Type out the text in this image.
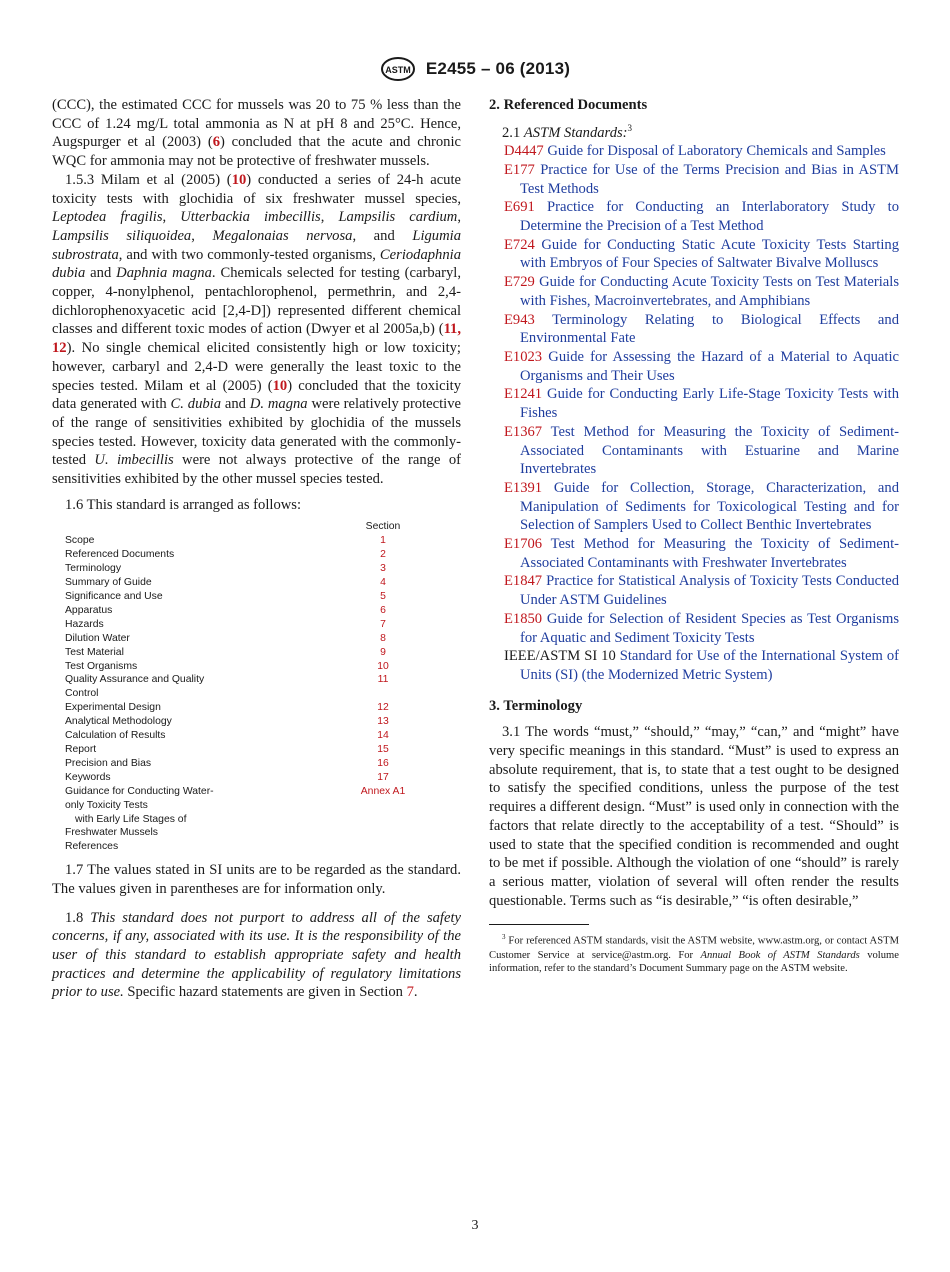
ASTM E2455 – 06 (2013)

(CCC), the estimated CCC for mussels was 20 to 75 % less than the CCC of 1.24 mg/L total ammonia as N at pH 8 and 25°C. Hence, Augspurger et al (2003) (6) concluded that the acute and chronic WQC for ammonia may not be protective of freshwater mussels.

1.5.3 Milam et al (2005) (10) conducted a series of 24-h acute toxicity tests with glochidia of six freshwater mussel species, Leptodea fragilis, Utterbackia imbecillis, Lampsilis cardium, Lampsilis siliquoidea, Megalonaias nervosa, and Ligumia subrostrata, and with two commonly-tested organisms, Ceriodaphnia dubia and Daphnia magna. Chemicals selected for testing (carbaryl, copper, 4-nonylphenol, pentachlorophenol, permethrin, and 2,4-dichlorophenoxyacetic acid [2,4-D]) represented different chemical classes and different toxic modes of action (Dwyer et al 2005a,b) (11, 12). No single chemical elicited consistently high or low toxicity; however, carbaryl and 2,4-D were generally the least toxic to the species tested. Milam et al (2005) (10) concluded that the toxicity data generated with C. dubia and D. magna were relatively protective of the range of sensitivities exhibited by glochidia of the mussels species tested. However, toxicity data generated with the commonly-tested U. imbecillis were not always protective of the range of sensitivities exhibited by the other mussel species tested.

1.6 This standard is arranged as follows:

Section
Scope	1
Referenced Documents	2
Terminology	3
Summary of Guide	4
Significance and Use	5
Apparatus	6
Hazards	7
Dilution Water	8
Test Material	9
Test Organisms	10
Quality Assurance and Quality	11
Control
Experimental Design	12
Analytical Methodology	13
Calculation of Results	14
Report	15
Precision and Bias	16
Keywords	17
Guidance for Conducting Water-	Annex A1
only Toxicity Tests
with Early Life Stages of
Freshwater Mussels
References

1.7 The values stated in SI units are to be regarded as the standard. The values given in parentheses are for information only.

1.8 This standard does not purport to address all of the safety concerns, if any, associated with its use. It is the responsibility of the user of this standard to establish appropriate safety and health practices and determine the applicability of regulatory limitations prior to use. Specific hazard statements are given in Section 7.

2. Referenced Documents

2.1 ASTM Standards:$^3$

D4447 Guide for Disposal of Laboratory Chemicals and Samples

E177 Practice for Use of the Terms Precision and Bias in ASTM Test Methods

E691 Practice for Conducting an Interlaboratory Study to Determine the Precision of a Test Method

E724 Guide for Conducting Static Acute Toxicity Tests Starting with Embryos of Four Species of Saltwater Bivalve Molluscs

E729 Guide for Conducting Acute Toxicity Tests on Test Materials with Fishes, Macroinvertebrates, and Amphibians

E943 Terminology Relating to Biological Effects and Environmental Fate

E1023 Guide for Assessing the Hazard of a Material to Aquatic Organisms and Their Uses

E1241 Guide for Conducting Early Life-Stage Toxicity Tests with Fishes

E1367 Test Method for Measuring the Toxicity of Sediment-Associated Contaminants with Estuarine and Marine Invertebrates

E1391 Guide for Collection, Storage, Characterization, and Manipulation of Sediments for Toxicological Testing and for Selection of Samplers Used to Collect Benthic Invertebrates

E1706 Test Method for Measuring the Toxicity of Sediment-Associated Contaminants with Freshwater Invertebrates

E1847 Practice for Statistical Analysis of Toxicity Tests Conducted Under ASTM Guidelines

E1850 Guide for Selection of Resident Species as Test Organisms for Aquatic and Sediment Toxicity Tests

IEEE/ASTM SI 10 Standard for Use of the International System of Units (SI) (the Modernized Metric System)

3. Terminology

3.1 The words “must,” “should,” “may,” “can,” and “might” have very specific meanings in this standard. “Must” is used to express an absolute requirement, that is, to state that a test ought to be designed to satisfy the specified conditions, unless the purpose of the test requires a different design. “Must” is used only in connection with the factors that relate directly to the acceptability of a test. “Should” is used to state that the specified condition is recommended and ought to be met if possible. Although the violation of one “should” is rarely a serious matter, violation of several will often render the results questionable. Terms such as “is desirable,” “is often desirable,”

$^3$ For referenced ASTM standards, visit the ASTM website, www.astm.org, or contact ASTM Customer Service at service@astm.org. For Annual Book of ASTM Standards volume information, refer to the standard’s Document Summary page on the ASTM website.

3
